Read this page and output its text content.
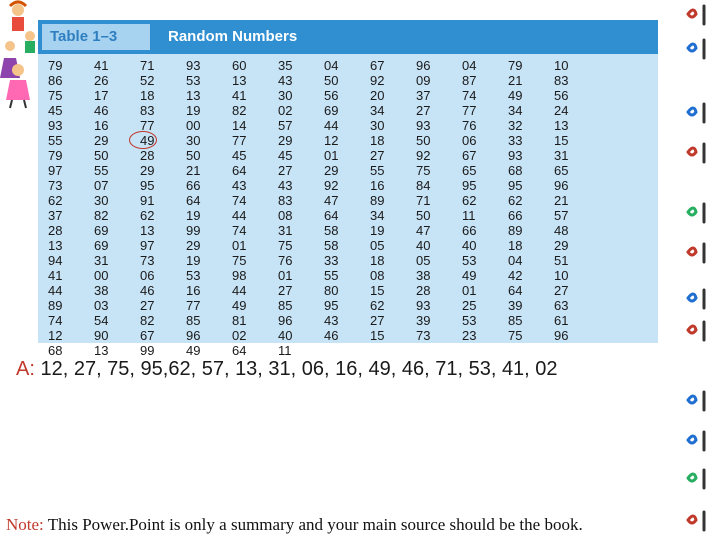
Table 1–3	Random Numbers
79	41	71	93	60	35	04	67	96	04	79	10
86	26	52	53	13	43	50	92	09	87	21	83
75	17	18	13	41	30	56	20	37	74	49	56
45	46	83	19	82	02	69	34	27	77	34	24
93	16	77	00	14	57	44	30	93	76	32	13
55	29	49	30	77	29	12	18	50	06	33	15
79	50	28	50	45	45	01	27	92	67	93	31
97	55	29	21	64	27	29	55	75	65	68	65
73	07	95	66	43	43	92	16	84	95	95	96
62	30	91	64	74	83	47	89	71	62	62	21
37	82	62	19	44	08	64	34	50	11	66	57
28	69	13	99	74	31	58	19	47	66	89	48
13	69	97	29	01	75	58	05	40	40	18	29
94	31	73	19	75	76	33	18	05	53	04	51
41	00	06	53	98	01	55	08	38	49	42	10
44	38	46	16	44	27	80	15	28	01	64	27
89	03	27	77	49	85	95	62	93	25	39	63
74	54	82	85	81	96	43	27	39	53	85	61
12	90	67	96	02	40	46	15	73	23	75	96
68	13	99	49	64	11
A: 12, 27, 75, 95,62, 57, 13, 31, 06, 16, 49, 46, 71, 53, 41, 02
Note: This Power.Point is only a summary and your main source should be the book.
